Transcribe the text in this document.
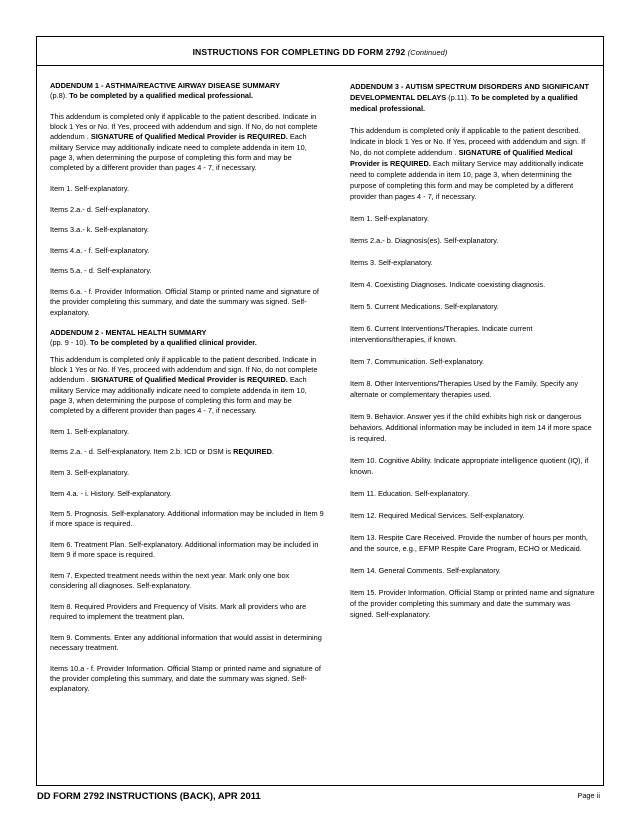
INSTRUCTIONS FOR COMPLETING DD FORM 2792 (Continued)

ADDENDUM 1 - ASTHMA/REACTIVE AIRWAY DISEASE SUMMARY
(p.8). To be completed by a qualified medical professional.

This addendum is completed only if applicable to the patient described. Indicate in block 1 Yes or No. If Yes, proceed with addendum and sign. If No, do not complete addendum . SIGNATURE of Qualified Medical Provider is REQUIRED. Each military Service may additionally indicate need to complete addenda in item 10, page 3, when determining the purpose of completing this form and may be completed by a different provider than pages 4 - 7, if necessary.

Item 1. Self-explanatory.

Items 2.a.- d. Self-explanatory.

Items 3.a.- k. Self-explanatory.

Items 4.a. - f. Self-explanatory.

Items 5.a. - d. Self-explanatory.

Items 6.a. - f. Provider Information. Official Stamp or printed name and signature of the provider completing this summary, and date the summary was signed. Self-explanatory.

ADDENDUM 2 - MENTAL HEALTH SUMMARY
(pp. 9 - 10). To be completed by a qualified clinical provider.

This addendum is completed only if applicable to the patient described. Indicate in block 1 Yes or No. If Yes, proceed with addendum and sign. If No, do not complete addendum . SIGNATURE of Qualified Medical Provider is REQUIRED. Each military Service may additionally indicate need to complete addenda in item 10, page 3, when determining the purpose of completing this form and may be completed by a different provider than pages 4 - 7, if necessary.

Item 1. Self-explanatory.

Items 2.a. - d. Self-explanatory. Item 2.b. ICD or DSM is REQUIRED.

Item 3. Self-explanatory.

Item 4.a. - i. History. Self-explanatory.

Item 5. Prognosis. Self-explanatory. Additional information may be included in Item 9 if more space is required.

Item 6. Treatment Plan. Self-explanatory. Additional information may be included in Item 9 if more space is required.

Item 7. Expected treatment needs within the next year. Mark only one box considering all diagnoses. Self-explanatory.

Item 8. Required Providers and Frequency of Visits. Mark all providers who are required to implement the treatment plan.

Item 9. Comments. Enter any additional information that would assist in determining necessary treatment.

Items 10.a - f. Provider Information. Official Stamp or printed name and signature of the provider completing this summary, and date the summary was signed. Self-explanatory.

ADDENDUM 3 - AUTISM SPECTRUM DISORDERS AND SIGNIFICANT DEVELOPMENTAL DELAYS (p.11). To be completed by a qualified medical professional.

This addendum is completed only if applicable to the patient described. Indicate in block 1 Yes or No. If Yes, proceed with addendum and sign. If No, do not complete addendum . SIGNATURE of Qualified Medical Provider is REQUIRED. Each military Service may additionally indicate need to complete addenda in item 10, page 3, when determining the purpose of completing this form and may be completed by a different provider than pages 4 - 7, if necessary.

Item 1. Self-explanatory.

Items 2.a.- b. Diagnosis(es). Self-explanatory.

Items 3. Self-explanatory.

Item 4. Coexisting Diagnoses. Indicate coexisting diagnosis.

Item 5. Current Medications. Self-explanatory.

Item 6. Current Interventions/Therapies. Indicate current interventions/therapies, if known.

Item 7. Communication. Self-explanatory.

Item 8. Other Interventions/Therapies Used by the Family. Specify any alternate or complementary therapies used.

Item 9. Behavior. Answer yes if the child exhibits high risk or dangerous behaviors. Additional information may be included in item 14 if more space is required.

Item 10. Cognitive Ability. Indicate appropriate intelligence quotient (IQ), if known.

Item 11. Education. Self-explanatory.

Item 12. Required Medical Services. Self-explanatory.

Item 13. Respite Care Received. Provide the number of hours per month, and the source, e.g., EFMP Respite Care Program, ECHO or Medicaid.

Item 14. General Comments. Self-explanatory.

Item 15. Provider Information. Official Stamp or printed name and signature of the provider completing this summary and date the summary was signed. Self-explanatory.

DD FORM 2792 INSTRUCTIONS (BACK), APR 2011	Page ii
